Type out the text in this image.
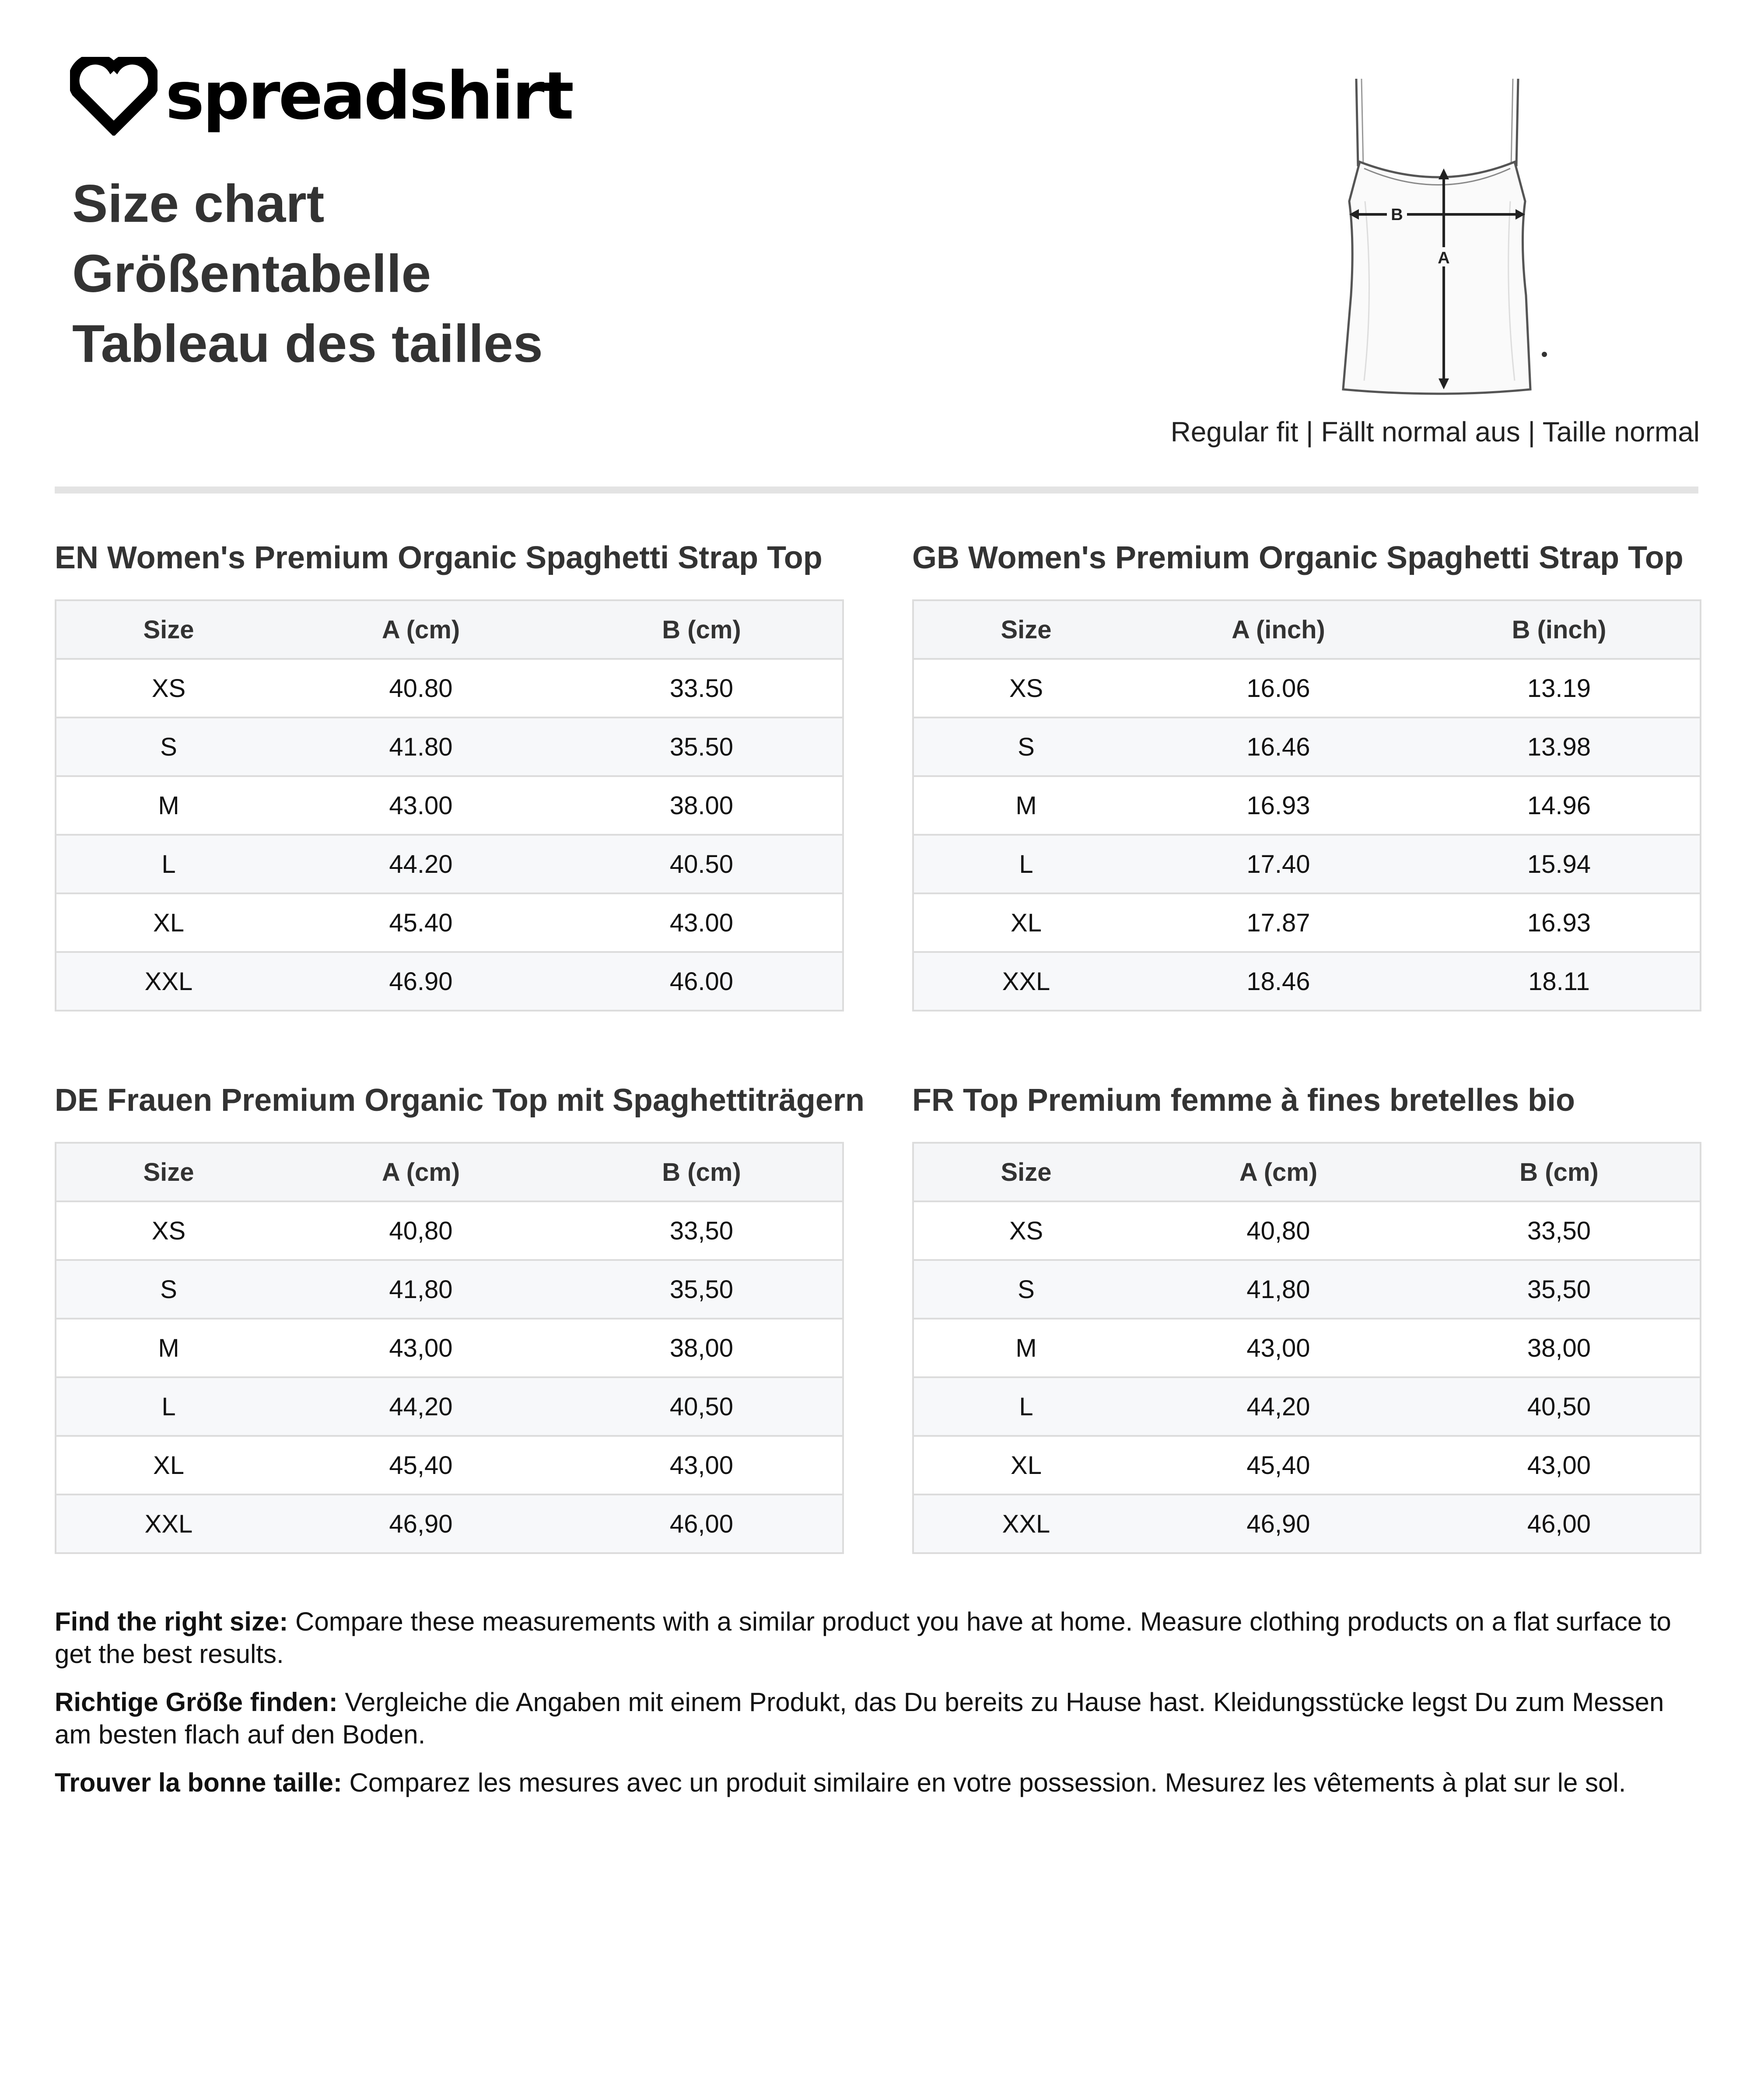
spreadshirt
Size chart
Größentabelle
Tableau des tailles
B
A
Regular fit | Fällt normal aus | Taille normal
EN Women's Premium Organic Spaghetti Strap Top
Size	A (cm)	B (cm)
XS	40.80	33.50
S	41.80	35.50
M	43.00	38.00
L	44.20	40.50
XL	45.40	43.00
XXL	46.90	46.00
GB Women's Premium Organic Spaghetti Strap Top
Size	A (inch)	B (inch)
XS	16.06	13.19
S	16.46	13.98
M	16.93	14.96
L	17.40	15.94
XL	17.87	16.93
XXL	18.46	18.11
DE Frauen Premium Organic Top mit Spaghettiträgern
Size	A (cm)	B (cm)
XS	40,80	33,50
S	41,80	35,50
M	43,00	38,00
L	44,20	40,50
XL	45,40	43,00
XXL	46,90	46,00
FR Top Premium femme à fines bretelles bio
Size	A (cm)	B (cm)
XS	40,80	33,50
S	41,80	35,50
M	43,00	38,00
L	44,20	40,50
XL	45,40	43,00
XXL	46,90	46,00

Find the right size: Compare these measurements with a similar product you have at home. Measure clothing products on a flat surface to get the best results.

Richtige Größe finden: Vergleiche die Angaben mit einem Produkt, das Du bereits zu Hause hast. Kleidungsstücke legst Du zum Messen am besten flach auf den Boden.

Trouver la bonne taille: Comparez les mesures avec un produit similaire en votre possession. Mesurez les vêtements à plat sur le sol.
